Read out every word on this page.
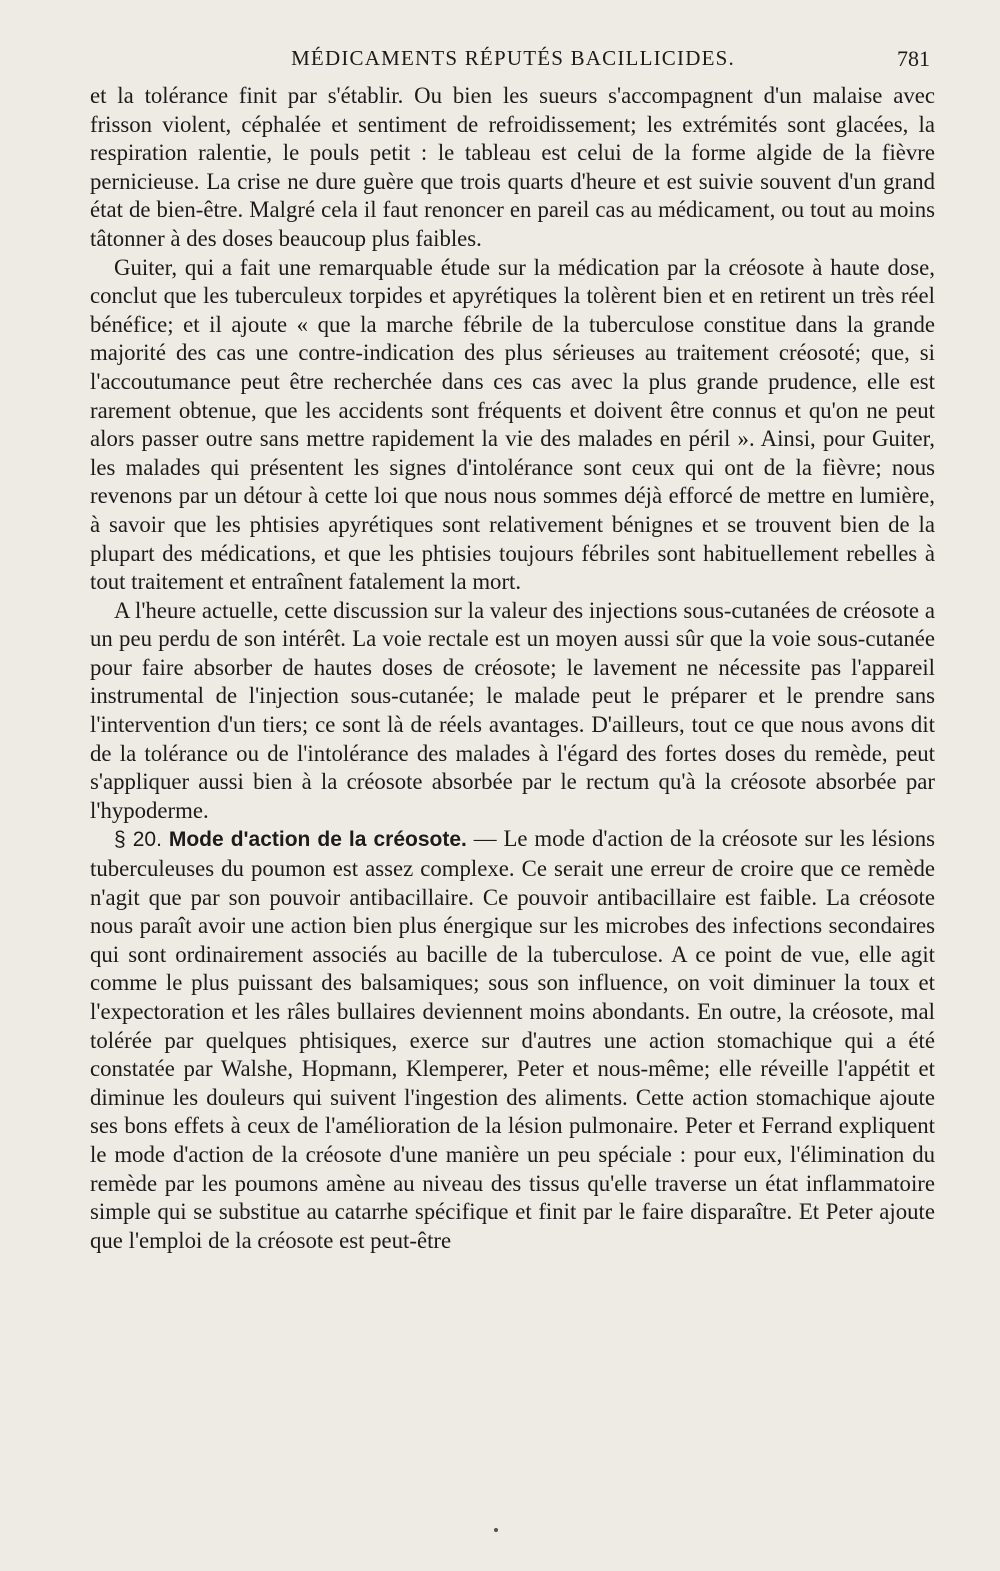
MÉDICAMENTS RÉPUTÉS BACILLICIDES.	781

et la tolérance finit par s'établir. Ou bien les sueurs s'accompagnent d'un malaise avec frisson violent, céphalée et sentiment de refroidissement; les extrémités sont glacées, la respiration ralentie, le pouls petit : le tableau est celui de la forme algide de la fièvre pernicieuse. La crise ne dure guère que trois quarts d'heure et est suivie souvent d'un grand état de bien-être. Malgré cela il faut renoncer en pareil cas au médicament, ou tout au moins tâtonner à des doses beaucoup plus faibles.

Guiter, qui a fait une remarquable étude sur la médication par la créosote à haute dose, conclut que les tuberculeux torpides et apyrétiques la tolèrent bien et en retirent un très réel bénéfice; et il ajoute « que la marche fébrile de la tuberculose constitue dans la grande majorité des cas une contre-indication des plus sérieuses au traitement créosoté; que, si l'accoutumance peut être recherchée dans ces cas avec la plus grande prudence, elle est rarement obtenue, que les accidents sont fréquents et doivent être connus et qu'on ne peut alors passer outre sans mettre rapidement la vie des malades en péril ». Ainsi, pour Guiter, les malades qui présentent les signes d'intolérance sont ceux qui ont de la fièvre; nous revenons par un détour à cette loi que nous nous sommes déjà efforcé de mettre en lumière, à savoir que les phtisies apyrétiques sont relativement bénignes et se trouvent bien de la plupart des médications, et que les phtisies toujours fébriles sont habituellement rebelles à tout traitement et entraînent fatalement la mort.

A l'heure actuelle, cette discussion sur la valeur des injections sous-cutanées de créosote a un peu perdu de son intérêt. La voie rectale est un moyen aussi sûr que la voie sous-cutanée pour faire absorber de hautes doses de créosote; le lavement ne nécessite pas l'appareil instrumental de l'injection sous-cutanée; le malade peut le préparer et le prendre sans l'intervention d'un tiers; ce sont là de réels avantages. D'ailleurs, tout ce que nous avons dit de la tolérance ou de l'intolérance des malades à l'égard des fortes doses du remède, peut s'appliquer aussi bien à la créosote absorbée par le rectum qu'à la créosote absorbée par l'hypoderme.

§ 20. Mode d'action de la créosote. — Le mode d'action de la créosote sur les lésions tuberculeuses du poumon est assez complexe. Ce serait une erreur de croire que ce remède n'agit que par son pouvoir antibacillaire. Ce pouvoir antibacillaire est faible. La créosote nous paraît avoir une action bien plus énergique sur les microbes des infections secondaires qui sont ordinairement associés au bacille de la tuberculose. A ce point de vue, elle agit comme le plus puissant des balsamiques; sous son influence, on voit diminuer la toux et l'expectoration et les râles bullaires deviennent moins abondants. En outre, la créosote, mal tolérée par quelques phtisiques, exerce sur d'autres une action stomachique qui a été constatée par Walshe, Hopmann, Klemperer, Peter et nous-même; elle réveille l'appétit et diminue les douleurs qui suivent l'ingestion des aliments. Cette action stomachique ajoute ses bons effets à ceux de l'amélioration de la lésion pulmonaire. Peter et Ferrand expliquent le mode d'action de la créosote d'une manière un peu spéciale : pour eux, l'élimination du remède par les poumons amène au niveau des tissus qu'elle traverse un état inflammatoire simple qui se substitue au catarrhe spécifique et finit par le faire disparaître. Et Peter ajoute que l'emploi de la créosote est peut-être
